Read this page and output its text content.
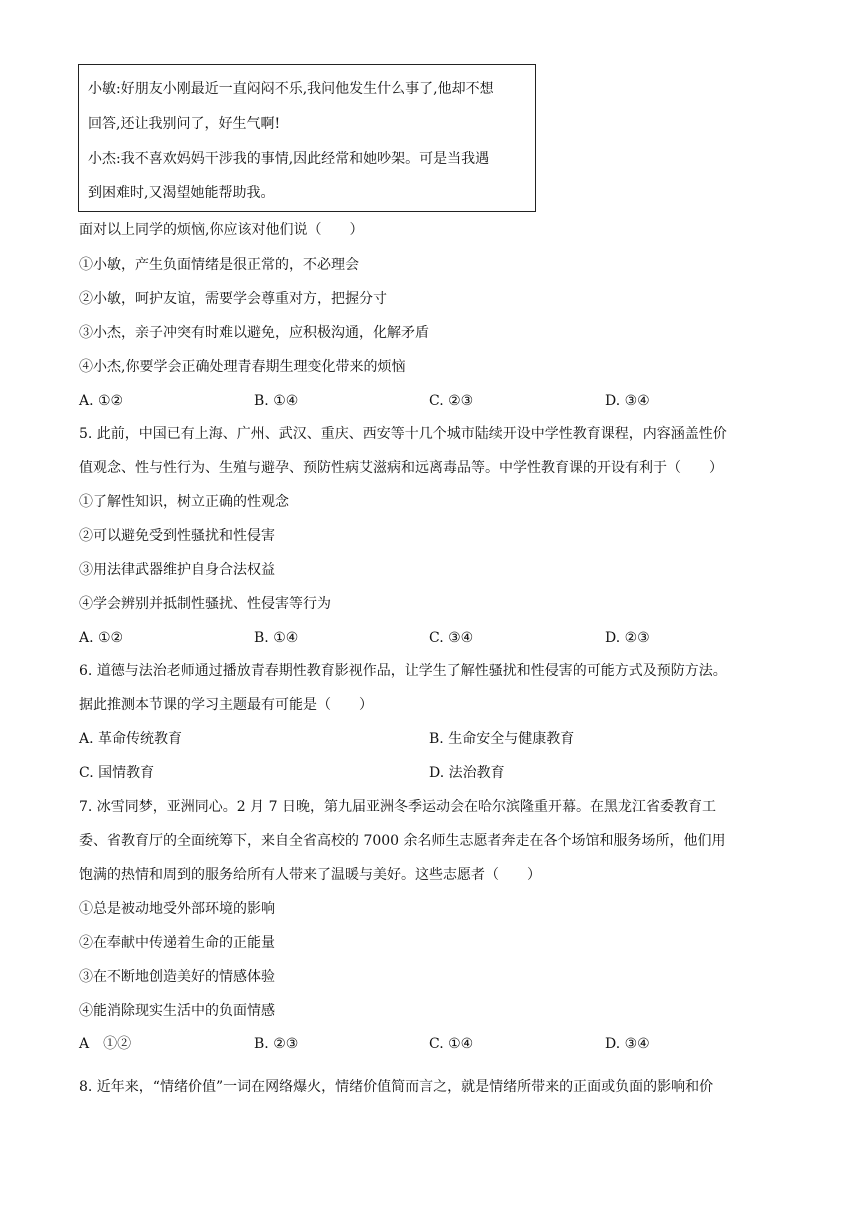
小敏:好朋友小刚最近一直闷闷不乐,我问他发生什么事了,他却不想
回答,还让我别问了，好生气啊!
小杰:我不喜欢妈妈干涉我的事情,因此经常和她吵架。可是当我遇
到困难时,又渴望她能帮助我。
面对以上同学的烦恼,你应该对他们说（　　）
①小敏，产生负面情绪是很正常的，不必理会
②小敏，呵护友谊，需要学会尊重对方，把握分寸
③小杰，亲子冲突有时难以避免，应积极沟通，化解矛盾
④小杰,你要学会正确处理青春期生理变化带来的烦恼
A. ①②	B. ①④	C. ②③	D. ③④
5. 此前，中国已有上海、广州、武汉、重庆、西安等十几个城市陆续开设中学性教育课程，内容涵盖性价
值观念、性与性行为、生殖与避孕、预防性病艾滋病和远离毒品等。中学性教育课的开设有利于（　　）
①了解性知识，树立正确的性观念
②可以避免受到性骚扰和性侵害
③用法律武器维护自身合法权益
④学会辨别并抵制性骚扰、性侵害等行为
A. ①②	B. ①④	C. ③④	D. ②③
6. 道德与法治老师通过播放青春期性教育影视作品，让学生了解性骚扰和性侵害的可能方式及预防方法。
据此推测本节课的学习主题最有可能是（　　）
A. 革命传统教育	B. 生命安全与健康教育
C. 国情教育	D. 法治教育
7. 冰雪同梦，亚洲同心。2 月 7 日晚，第九届亚洲冬季运动会在哈尔滨隆重开幕。在黑龙江省委教育工
委、省教育厅的全面统筹下，来自全省高校的 7000 余名师生志愿者奔走在各个场馆和服务场所，他们用
饱满的热情和周到的服务给所有人带来了温暖与美好。这些志愿者（　　）
①总是被动地受外部环境的影响
②在奉献中传递着生命的正能量
③在不断地创造美好的情感体验
④能消除现实生活中的负面情感
A　①②	B. ②③	C. ①④	D. ③④
8. 近年来，“情绪价值”一词在网络爆火，情绪价值简而言之，就是情绪所带来的正面或负面的影响和价
